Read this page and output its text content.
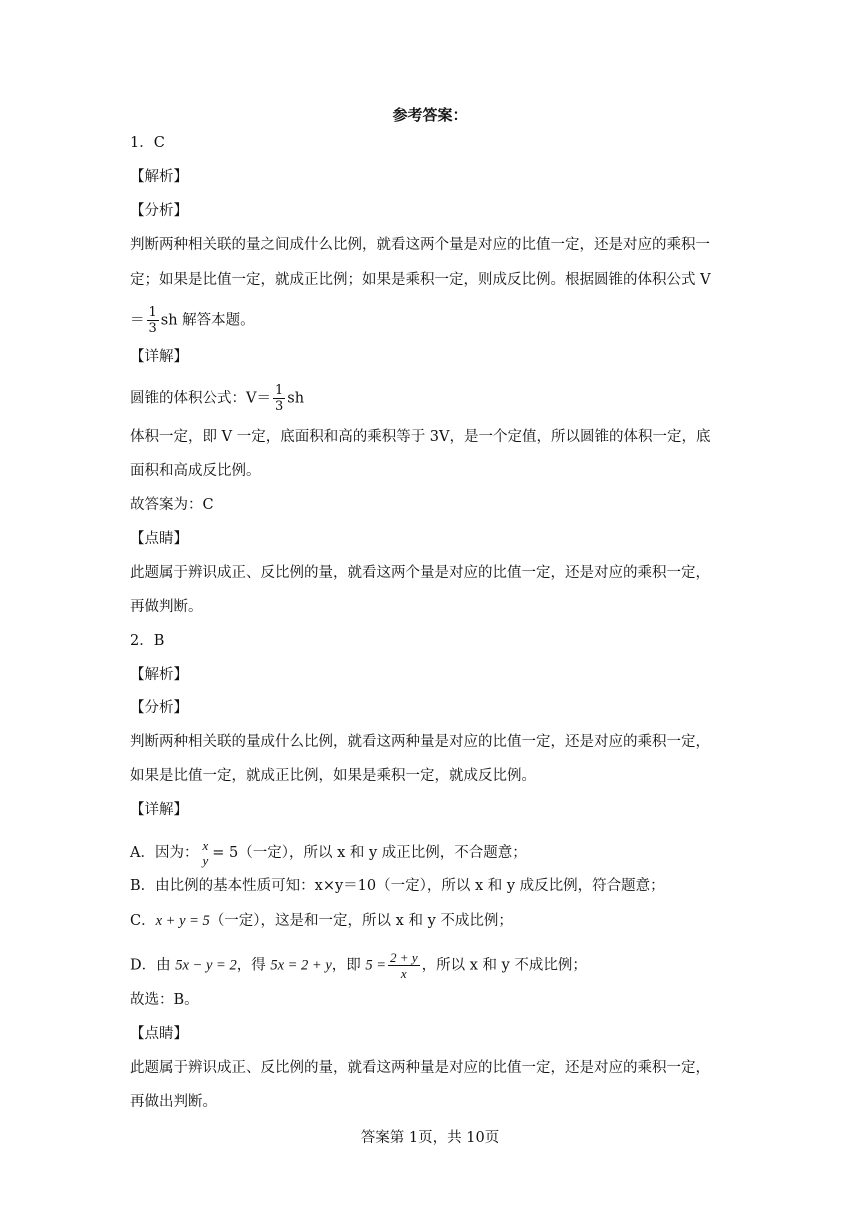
参考答案：
1．C
【解析】
【分析】
判断两种相关联的量之间成什么比例，就看这两个量是对应的比值一定，还是对应的乘积一
定；如果是比值一定，就成正比例；如果是乘积一定，则成反比例。根据圆锥的体积公式 V
＝ $\frac{1}{3}$ sh 解答本题。
【详解】
圆锥的体积公式：$V= \frac{1}{3}$ sh
体积一定，即 V 一定，底面积和高的乘积等于 3V，是一个定值，所以圆锥的体积一定，底
面积和高成反比例。
故答案为：C
【点睛】
此题属于辨识成正、反比例的量，就看这两个量是对应的比值一定，还是对应的乘积一定，
再做判断。
2．B
【解析】
【分析】
判断两种相关联的量成什么比例，就看这两种量是对应的比值一定，还是对应的乘积一定，
如果是比值一定，就成正比例，如果是乘积一定，就成反比例。
【详解】
A．因为： x
y = 5（一定），所以 x 和 y 成正比例，不合题意；
B．由比例的基本性质可知：x×y＝10（一定），所以 x 和 y 成反比例，符合题意；
C．x + y = 5（一定），这是和一定，所以 x 和 y 不成比例；
D．由 5x − y = 2，得 5x = 2 + y，即 $5 = \frac{2 + y}{x}$ ，所以 x 和 y 不成比例；
故选：B。
【点睛】
此题属于辨识成正、反比例的量，就看这两种量是对应的比值一定，还是对应的乘积一定，
再做出判断。
答案第 1页，共 10页
